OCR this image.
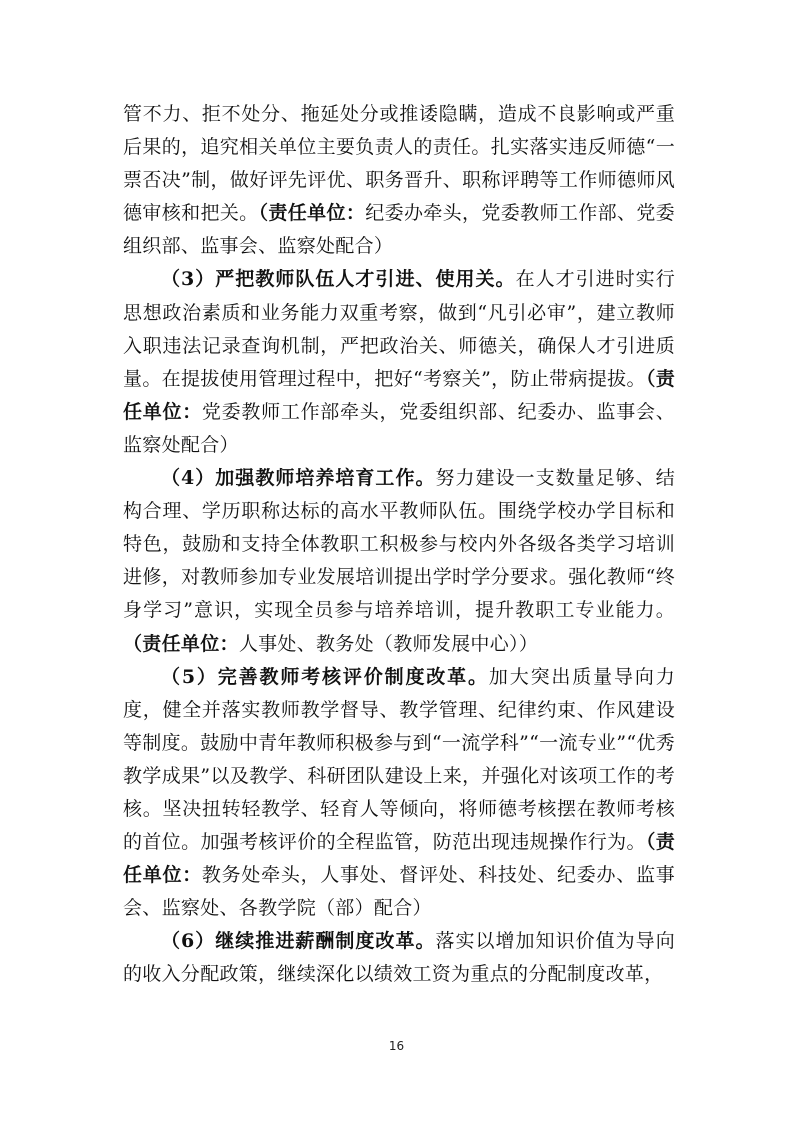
管不力、拒不处分、拖延处分或推诿隐瞒，造成不良影响或严重后果的，追究相关单位主要负责人的责任。扎实落实违反师德“一票否决”制，做好评先评优、职务晋升、职称评聘等工作师德师风德审核和把关。（责任单位：纪委办牵头，党委教师工作部、党委组织部、监事会、监察处配合）

（3）严把教师队伍人才引进、使用关。在人才引进时实行思想政治素质和业务能力双重考察，做到“凡引必审”，建立教师入职违法记录查询机制，严把政治关、师德关，确保人才引进质量。在提拔使用管理过程中，把好“考察关”，防止带病提拔。（责任单位：党委教师工作部牵头，党委组织部、纪委办、监事会、监察处配合）

（4）加强教师培养培育工作。努力建设一支数量足够、结构合理、学历职称达标的高水平教师队伍。围绕学校办学目标和特色，鼓励和支持全体教职工积极参与校内外各级各类学习培训进修，对教师参加专业发展培训提出学时学分要求。强化教师“终身学习”意识，实现全员参与培养培训，提升教职工专业能力。（责任单位：人事处、教务处（教师发展中心））

（5）完善教师考核评价制度改革。加大突出质量导向力度，健全并落实教师教学督导、教学管理、纪律约束、作风建设等制度。鼓励中青年教师积极参与到“一流学科”“一流专业”“优秀教学成果”以及教学、科研团队建设上来，并强化对该项工作的考核。坚决扭转轻教学、轻育人等倾向，将师德考核摆在教师考核的首位。加强考核评价的全程监管，防范出现违规操作行为。（责任单位：教务处牵头，人事处、督评处、科技处、纪委办、监事会、监察处、各教学院（部）配合）

（6）继续推进薪酬制度改革。落实以增加知识价值为导向的收入分配政策，继续深化以绩效工资为重点的分配制度改革，

16
